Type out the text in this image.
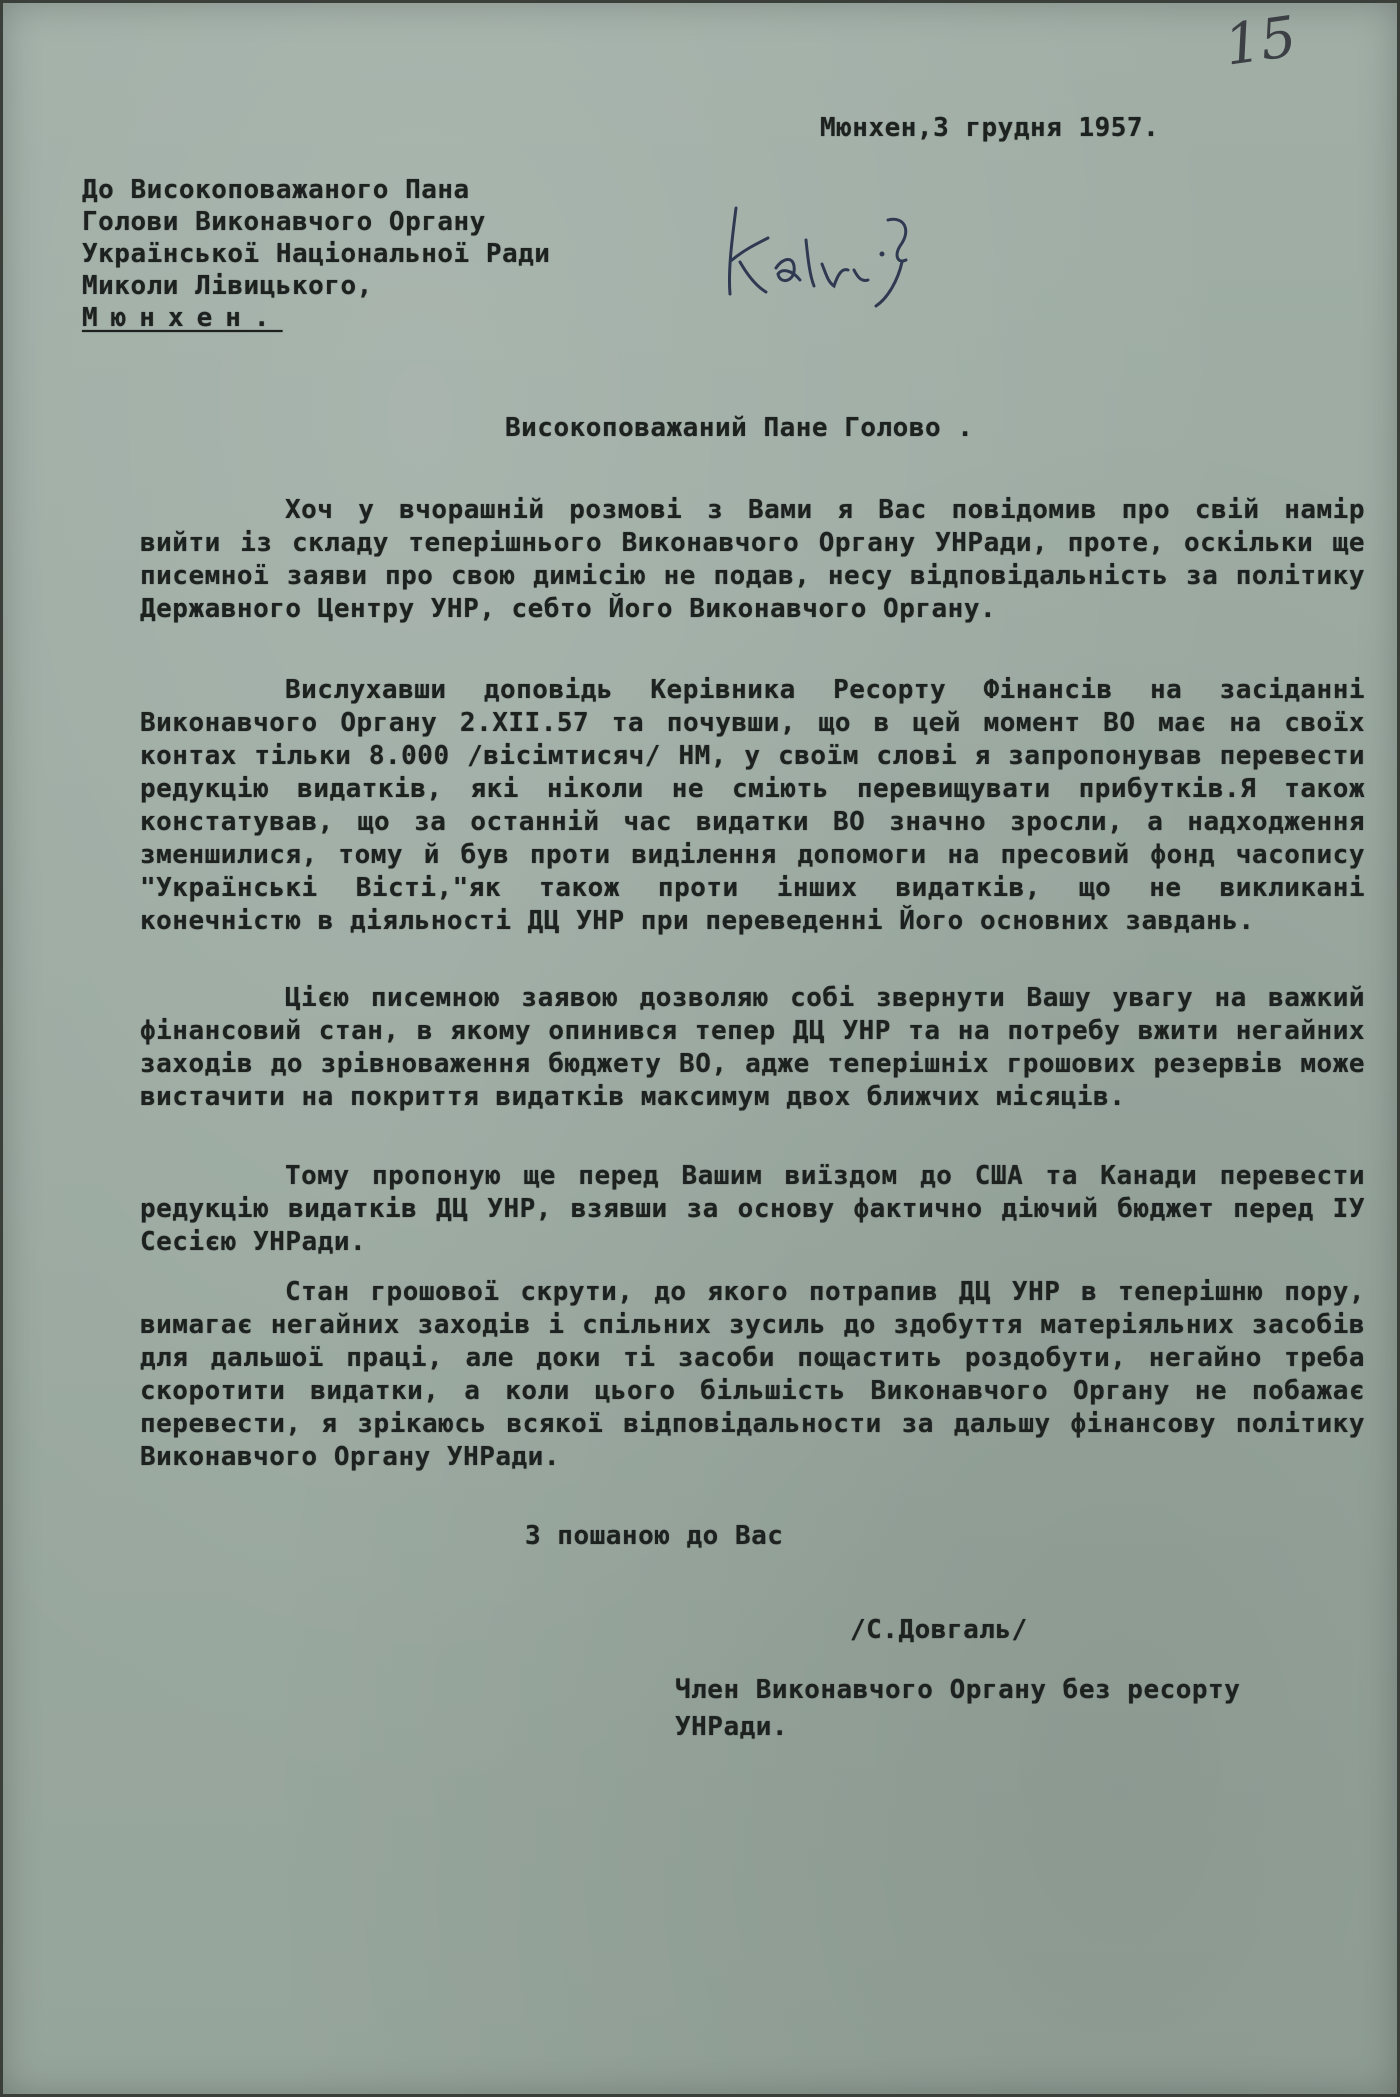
15
Мюнхен,3 грудня 1957.
До Високоповажаного Пана
Голови Виконавчого Органу
Української Національної Ради
Миколи Лівицького,
Мюнхен.
Високоповажаний Пане Голово .

Хоч у вчорашній розмові з Вами я Вас повідомив про свій намір вийти із складу теперішнього Виконавчого Органу УНРади, проте, оскільки ще писемної заяви про свою димісію не подав, несу відповідальність за політику Державного Центру УНР, себто Його Виконавчого Органу.

Вислухавши доповідь Керівника Ресорту Фінансів на засіданні Виконавчого Органу 2.XII.57 та почувши, що в цей момент ВО має на своїх контах тільки 8.000 /вісімтисяч/ НМ, у своїм слові я запропонував перевести редукцію видатків, які ніколи не сміють перевищувати прибутків.Я також констатував, що за останній час видатки ВО значно зросли, а надходження зменшилися, тому й був проти виділення допомоги на пресовий фонд часопису "Українські Вісті,"як також проти інших видатків, що не викликані конечністю в діяльності ДЦ УНР при переведенні Його основних завдань.

Цією писемною заявою дозволяю собі звернути Вашу увагу на важкий фінансовий стан, в якому опинився тепер ДЦ УНР та на потребу вжити негайних заходів до зрівноваження бюджету ВО, адже теперішніх грошових резервів може вистачити на покриття видатків максимум двох ближчих місяців.

Тому пропоную ще перед Вашим виїздом до США та Канади перевести редукцію видатків ДЦ УНР, взявши за основу фактично діючий бюджет перед ІУ Сесією УНРади.

Стан грошової скрути, до якого потрапив ДЦ УНР в теперішню пору, вимагає негайних заходів і спільних зусиль до здобуття матеріяльних засобів для дальшої праці, але доки ті засоби пощастить роздобути, негайно треба скоротити видатки, а коли цього більшість Виконавчого Органу не побажає перевести, я зрікаюсь всякої відповідальности за дальшу фінансову політику Виконавчого Органу УНРади.

З пошаною до Вас
/С.Довгаль/
Член Виконавчого Органу без ресорту
УНРади.
